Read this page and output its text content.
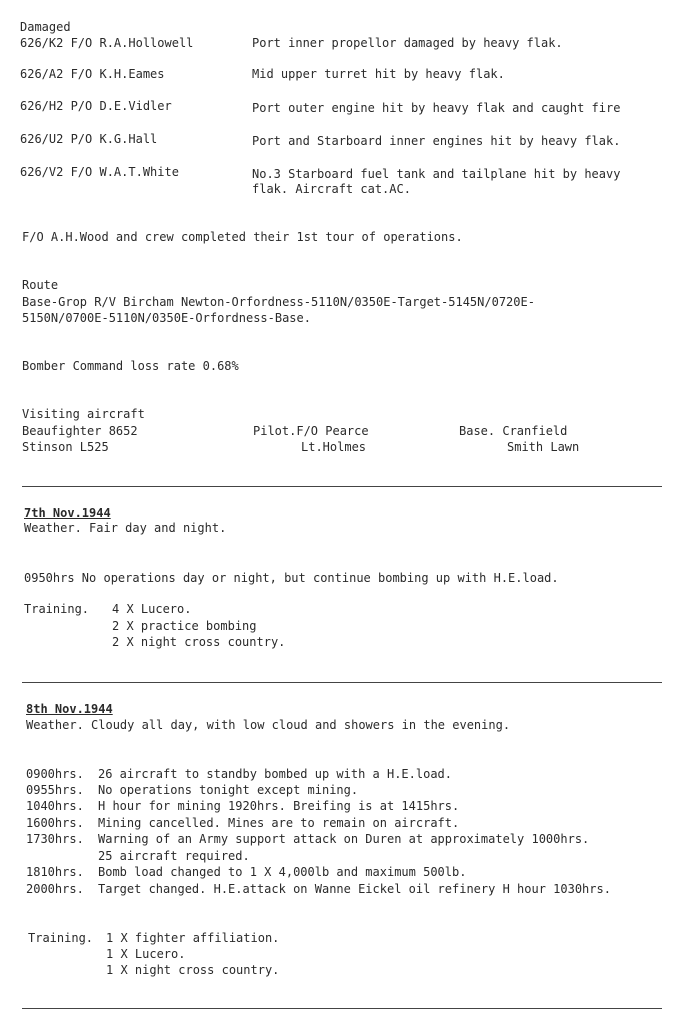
Damaged
626/K2 F/O R.A.Hollowell	Port inner propellor damaged by heavy flak.
626/A2 F/O K.H.Eames	Mid upper turret hit by heavy flak.
626/H2 P/O D.E.Vidler	Port outer engine hit by heavy flak and caught fire
626/U2 P/O K.G.Hall	Port and Starboard inner engines hit by heavy flak.
626/V2 F/O W.A.T.White	No.3 Starboard fuel tank and tailplane hit by heavy
flak. Aircraft cat.AC.
F/O A.H.Wood and crew completed their 1st tour of operations.
Route
Base-Grop R/V Bircham Newton-Orfordness-5110N/0350E-Target-5145N/0720E-
5150N/0700E-5110N/0350E-Orfordness-Base.
Bomber Command loss rate 0.68%
Visiting aircraft
Beaufighter 8652	Pilot.F/O Pearce	Base. Cranfield
Stinson L525	Lt.Holmes	Smith Lawn
7th Nov.1944
Weather. Fair day and night.
0950hrs No operations day or night, but continue bombing up with H.E.load.
Training. 4 X Lucero.
2 X practice bombing
2 X night cross country.
8th Nov.1944
Weather. Cloudy all day, with low cloud and showers in the evening.
0900hrs. 26 aircraft to standby bombed up with a H.E.load.
0955hrs. No operations tonight except mining.
1040hrs. H hour for mining 1920hrs. Breifing is at 1415hrs.
1600hrs. Mining cancelled. Mines are to remain on aircraft.
1730hrs. Warning of an Army support attack on Duren at approximately 1000hrs.
25 aircraft required.
1810hrs. Bomb load changed to 1 X 4,000lb and maximum 500lb.
2000hrs. Target changed. H.E.attack on Wanne Eickel oil refinery H hour 1030hrs.
Training. 1 X fighter affiliation.
1 X Lucero.
1 X night cross country.
